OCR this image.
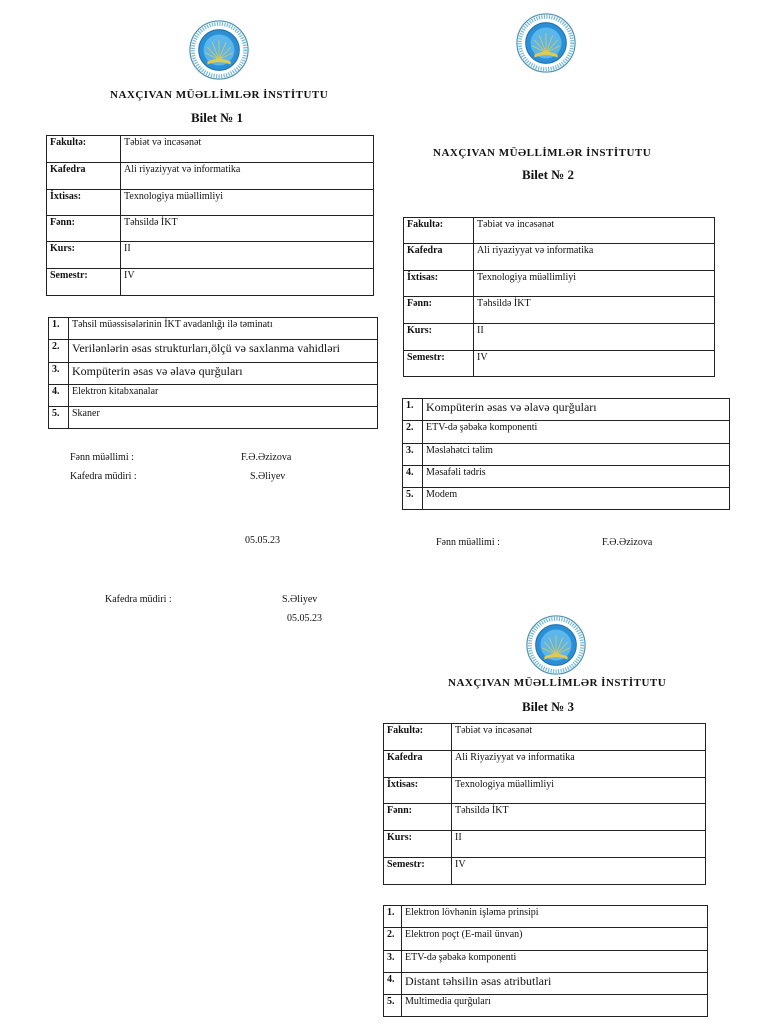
NAXÇIVAN MÜƏLLİMLƏR İNSTİTUTU
Bilet № 1
Fakultə:	Təbiət və incəsənət
Kafedra	Ali riyaziyyat və informatika
İxtisas:	Texnologiya müəllimliyi
Fənn:	Təhsildə İKT
Kurs:	II
Semestr:	IV
1.	Təhsil müəssisələrinin İKT avadanlığı ilə təminatı
2.	Verilənlərin əsas strukturları,ölçü və saxlanma vahidləri
3.	Kompüterin əsas və əlavə qurğuları
4.	Elektron kitabxanalar
5.	Skaner
Fənn müəllimi :	F.Ə.Əzizova
Kafedra müdiri :	S.Əliyev
05.05.23
NAXÇIVAN MÜƏLLİMLƏR İNSTİTUTU
Bilet № 2
Fakultə:	Təbiət və incəsənət
Kafedra	Ali riyaziyyat və informatika
İxtisas:	Texnologiya müəllimliyi
Fənn:	Təhsildə İKT
Kurs:	II
Semestr:	IV
1.	Kompüterin əsas və əlavə qurğuları
2.	ETV-də şəbəkə komponenti
3.	Məsləhətci təlim
4.	Məsafəli tədris
5.	Modem
Fənn müəllimi :	F.Ə.Əzizova
Kafedra müdiri :	S.Əliyev
05.05.23
NAXÇIVAN MÜƏLLİMLƏR İNSTİTUTU
Bilet № 3
Fakultə:	Təbiət və incəsənət
Kafedra	Ali Riyaziyyat və informatika
İxtisas:	Texnologiya müəllimliyi
Fənn:	Təhsildə İKT
Kurs:	II
Semestr:	IV
1.	Elektron lövhənin işləmə prinsipi
2.	Elektron poçt (E-mail ünvan)
3.	ETV-də şəbəkə komponenti
4.	Distant təhsilin əsas atributlari
5.	Multimedia qurğuları
